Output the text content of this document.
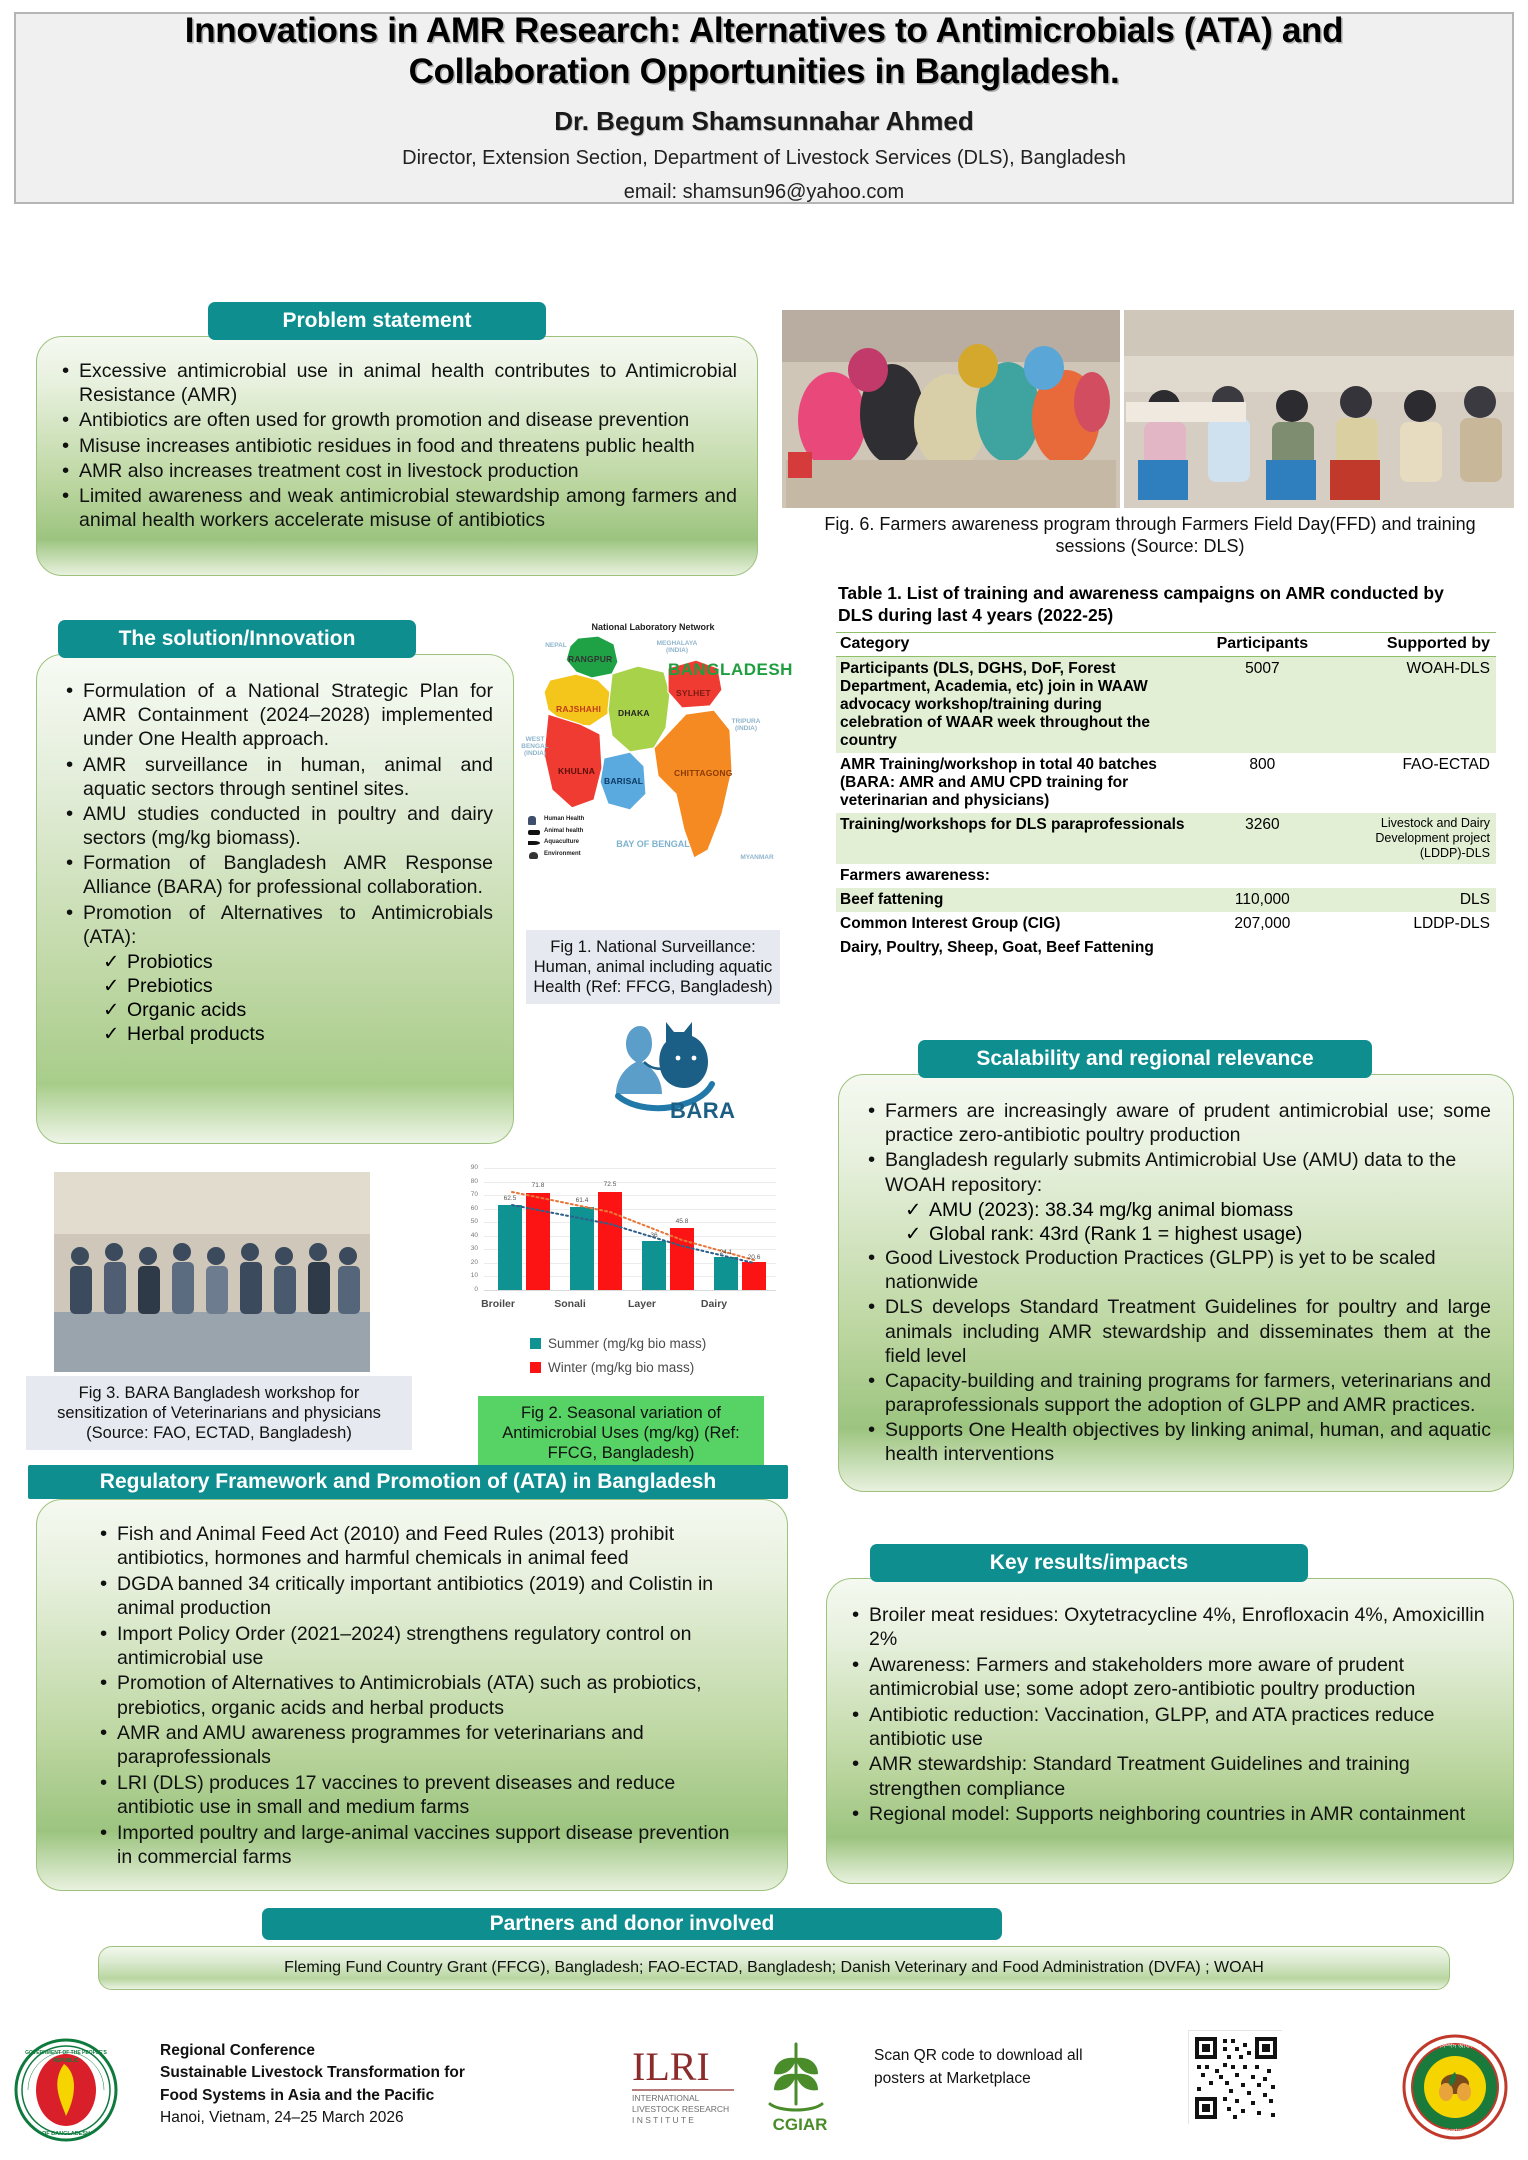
Innovations in AMR Research: Alternatives to Antimicrobials (ATA) and Collaboration Opportunities in Bangladesh.
Dr. Begum Shamsunnahar Ahmed
Director, Extension Section, Department of Livestock Services (DLS), Bangladesh
email: shamsun96@yahoo.com
Problem statement
• Excessive antimicrobial use in animal health contributes to Antimicrobial Resistance (AMR)
• Antibiotics are often used for growth promotion and disease prevention
• Misuse increases antibiotic residues in food and threatens public health
• AMR also increases treatment cost in livestock production
• Limited awareness and weak antimicrobial stewardship among farmers and animal health workers accelerate misuse of antibiotics
The solution/Innovation
• Formulation of a National Strategic Plan for AMR Containment (2024–2028) implemented under One Health approach.
• AMR surveillance in human, animal and aquatic sectors through sentinel sites.
• AMU studies conducted in poultry and dairy sectors (mg/kg biomass).
• Formation of Bangladesh AMR Response Alliance (BARA) for professional collaboration.
• Promotion of Alternatives to Antimicrobials (ATA):
✓ Probiotics
✓ Prebiotics
✓ Organic acids
✓ Herbal products
National Laboratory Network
BANGLADESH
RANGPUR
RAJSHAHI DHAKA
SYLHET
KHULNA
BARISAL
CHITTAGONG
NEPAL	MEGHALAYA (INDIA)
TRIPURA (INDIA)
WEST BENGAL (INDIA)
MYANMAR
BAY OF BENGAL
Human Health
Animal health
Aquaculture
Environment
Fig 1. National Surveillance: Human, animal including aquatic Health (Ref: FFCG, Bangladesh)
BARA
Fig 3. BARA Bangladesh workshop for sensitization of Veterinarians and physicians (Source: FAO, ECTAD, Bangladesh)
62.5
71.8
61.4
72.5
36
45.8
24.1
20.6
90
80
70
60
50
40
30
20
10
0
Broiler	Sonali	Layer	Dairy
Summer (mg/kg bio mass)
Winter (mg/kg bio mass)
Fig 2. Seasonal variation of Antimicrobial Uses (mg/kg) (Ref: FFCG, Bangladesh)
Fig. 6. Farmers awareness program through Farmers Field Day(FFD) and training sessions (Source: DLS)
Table 1. List of training and awareness campaigns on AMR conducted by DLS during last 4 years (2022-25)
Category	Participants	Supported by
Participants (DLS, DGHS, DoF, Forest Department, Academia, etc) join in WAAW advocacy workshop/training during celebration of WAAR week throughout the country	5007	WOAH-DLS
AMR Training/workshop in total 40 batches (BARA: AMR and AMU CPD training for veterinarian and physicians)	800	FAO-ECTAD
Training/workshops for DLS paraprofessionals	3260	Livestock and Dairy Development project (LDDP)-DLS
Farmers awareness:		
Beef fattening	110,000	DLS
Common Interest Group (CIG)	207,000	LDDP-DLS
Dairy, Poultry, Sheep, Goat, Beef Fattening		
Scalability and regional relevance
• Farmers are increasingly aware of prudent antimicrobial use; some practice zero-antibiotic poultry production
• Bangladesh regularly submits Antimicrobial Use (AMU) data to the WOAH repository:
✓ AMU (2023): 38.34 mg/kg animal biomass
✓ Global rank: 43rd (Rank 1 = highest usage)
• Good Livestock Production Practices (GLPP) is yet to be scaled nationwide
• DLS develops Standard Treatment Guidelines for poultry and large animals including AMR stewardship and disseminates them at the field level
• Capacity-building and training programs for farmers, veterinarians and paraprofessionals support the adoption of GLPP and AMR practices.
• Supports One Health objectives by linking animal, human, and aquatic health interventions
Regulatory Framework and Promotion of (ATA) in Bangladesh
• Fish and Animal Feed Act (2010) and Feed Rules (2013) prohibit antibiotics, hormones and harmful chemicals in animal feed
• DGDA banned 34 critically important antibiotics (2019) and Colistin in animal production
• Import Policy Order (2021–2024) strengthens regulatory control on antimicrobial use
• Promotion of Alternatives to Antimicrobials (ATA) such as probiotics, prebiotics, organic acids and herbal products
• AMR and AMU awareness programmes for veterinarians and paraprofessionals
• LRI (DLS) produces 17 vaccines to prevent diseases and reduce antibiotic use in small and medium farms
• Imported poultry and large-animal vaccines support disease prevention in commercial farms
Key results/impacts
• Broiler meat residues: Oxytetracycline 4%, Enrofloxacin 4%, Amoxicillin 2%
• Awareness: Farmers and stakeholders more aware of prudent antimicrobial use; some adopt zero-antibiotic poultry production
• Antibiotic reduction: Vaccination, GLPP, and ATA practices reduce antibiotic use
• AMR stewardship: Standard Treatment Guidelines and training strengthen compliance
• Regional model: Supports neighboring countries in AMR containment
Partners and donor involved
Fleming Fund Country Grant (FFCG), Bangladesh; FAO-ECTAD, Bangladesh; Danish Veterinary and Food Administration (DVFA) ; WOAH
GOVERNMENT OF THE PEOPLE'S
OF BANGLADESH
REPUBLIC
Regional Conference
Sustainable Livestock Transformation for
Food Systems in Asia and the Pacific
Hanoi, Vietnam, 24–25 March 2026
ILRI
INTERNATIONAL
LIVESTOCK RESEARCH
I N S T I T U T E	CGIAR
Scan QR code to download all
posters at Marketplace
প্রাণিসম্পদ অধিদপ্তর
বাংলাদেশ
